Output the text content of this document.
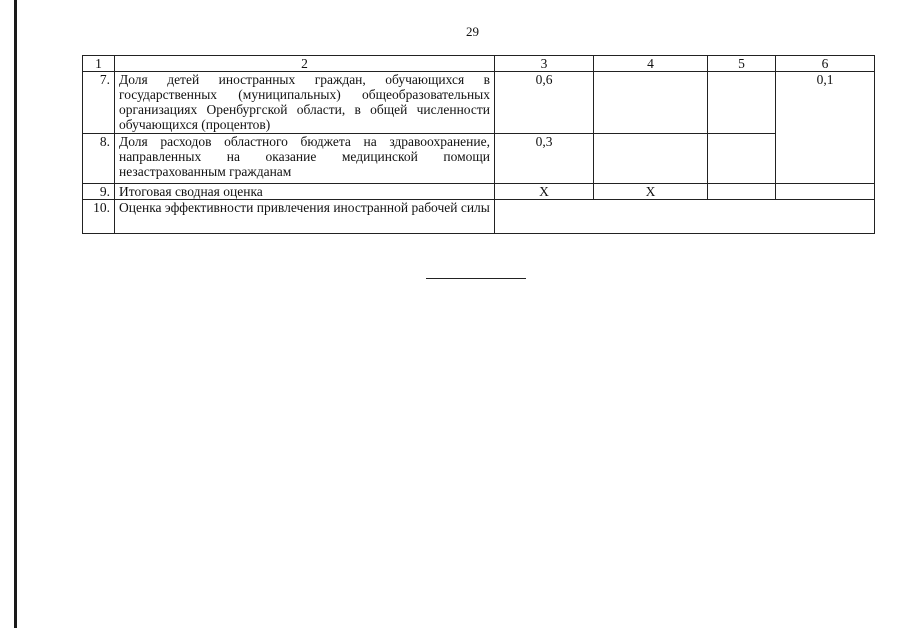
29
1	2	3	4	5	6
7.	Доля детей иностранных граждан, обучающихся в государственных (муниципальных) общеобразовательных организациях Оренбургской области, в общей численности обучающихся (процентов)	0,6			0,1
8.	Доля расходов областного бюджета на здравоохранение, направленных на оказание медицинской помощи незастрахованным гражданам	0,3			
9.	Итоговая сводная оценка	Х	Х		
10.	Оценка эффективности привлечения иностранной рабочей силы				
